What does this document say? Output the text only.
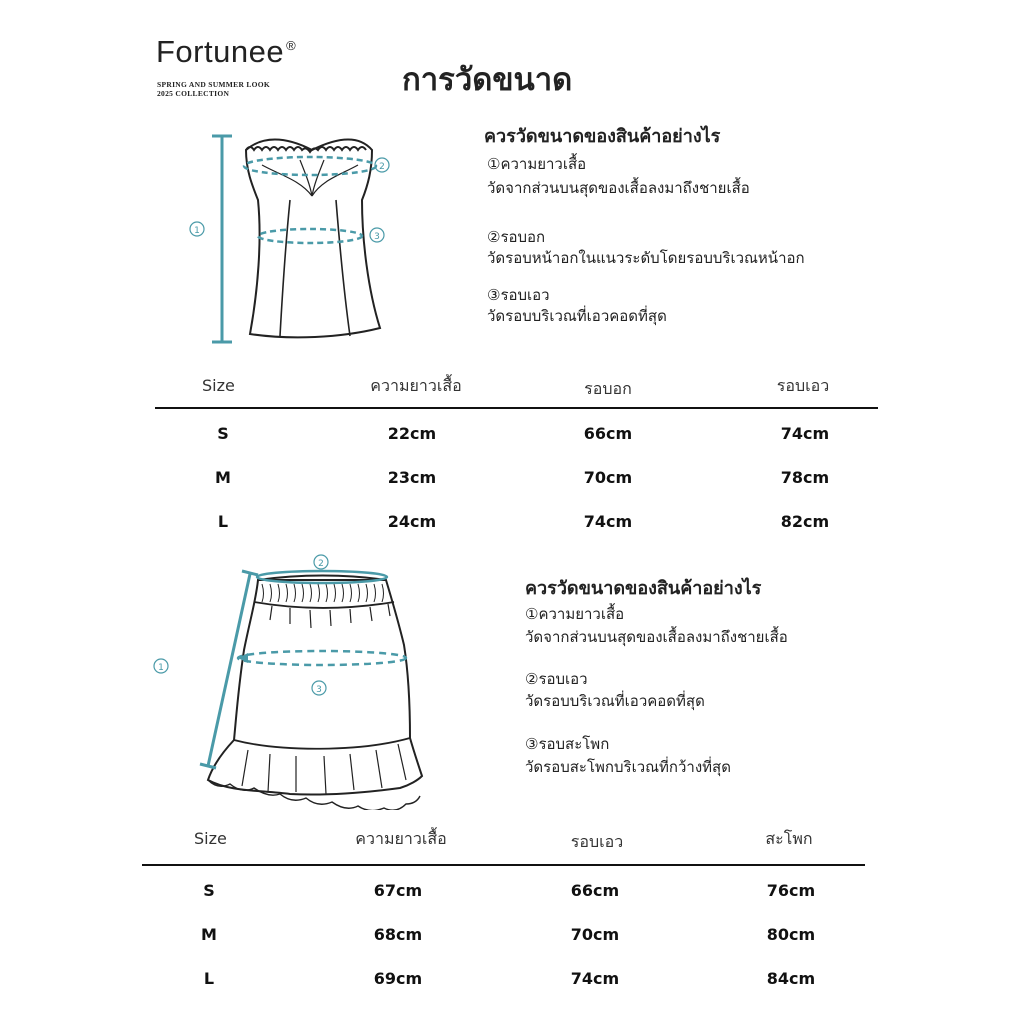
Fortunee ®
SPRING AND SUMMER LOOK
2025 COLLECTION	การวัดขนาด
1
2
3
ควรวัดขนาดของสินค้าอย่างไร
①ความยาวเสื้อ
วัดจากส่วนบนสุดของเสื้อลงมาถึงชายเสื้อ
②รอบอก
วัดรอบหน้าอกในแนวระดับโดยรอบบริเวณหน้าอก
③รอบเอว
วัดรอบบริเวณที่เอวคอดที่สุด
Size	ความยาวเสื้อ	รอบอก	รอบเอว
S	22cm	66cm	74cm
M	23cm	70cm	78cm
L	24cm	74cm	82cm
2
3
1
ควรวัดขนาดของสินค้าอย่างไร
①ความยาวเสื้อ
วัดจากส่วนบนสุดของเสื้อลงมาถึงชายเสื้อ
②รอบเอว
วัดรอบบริเวณที่เอวคอดที่สุด
③รอบสะโพก
วัดรอบสะโพกบริเวณที่กว้างที่สุด
Size	ความยาวเสื้อ	รอบเอว	สะโพก
S	67cm	66cm	76cm
M	68cm	70cm	80cm
L	69cm	74cm	84cm
